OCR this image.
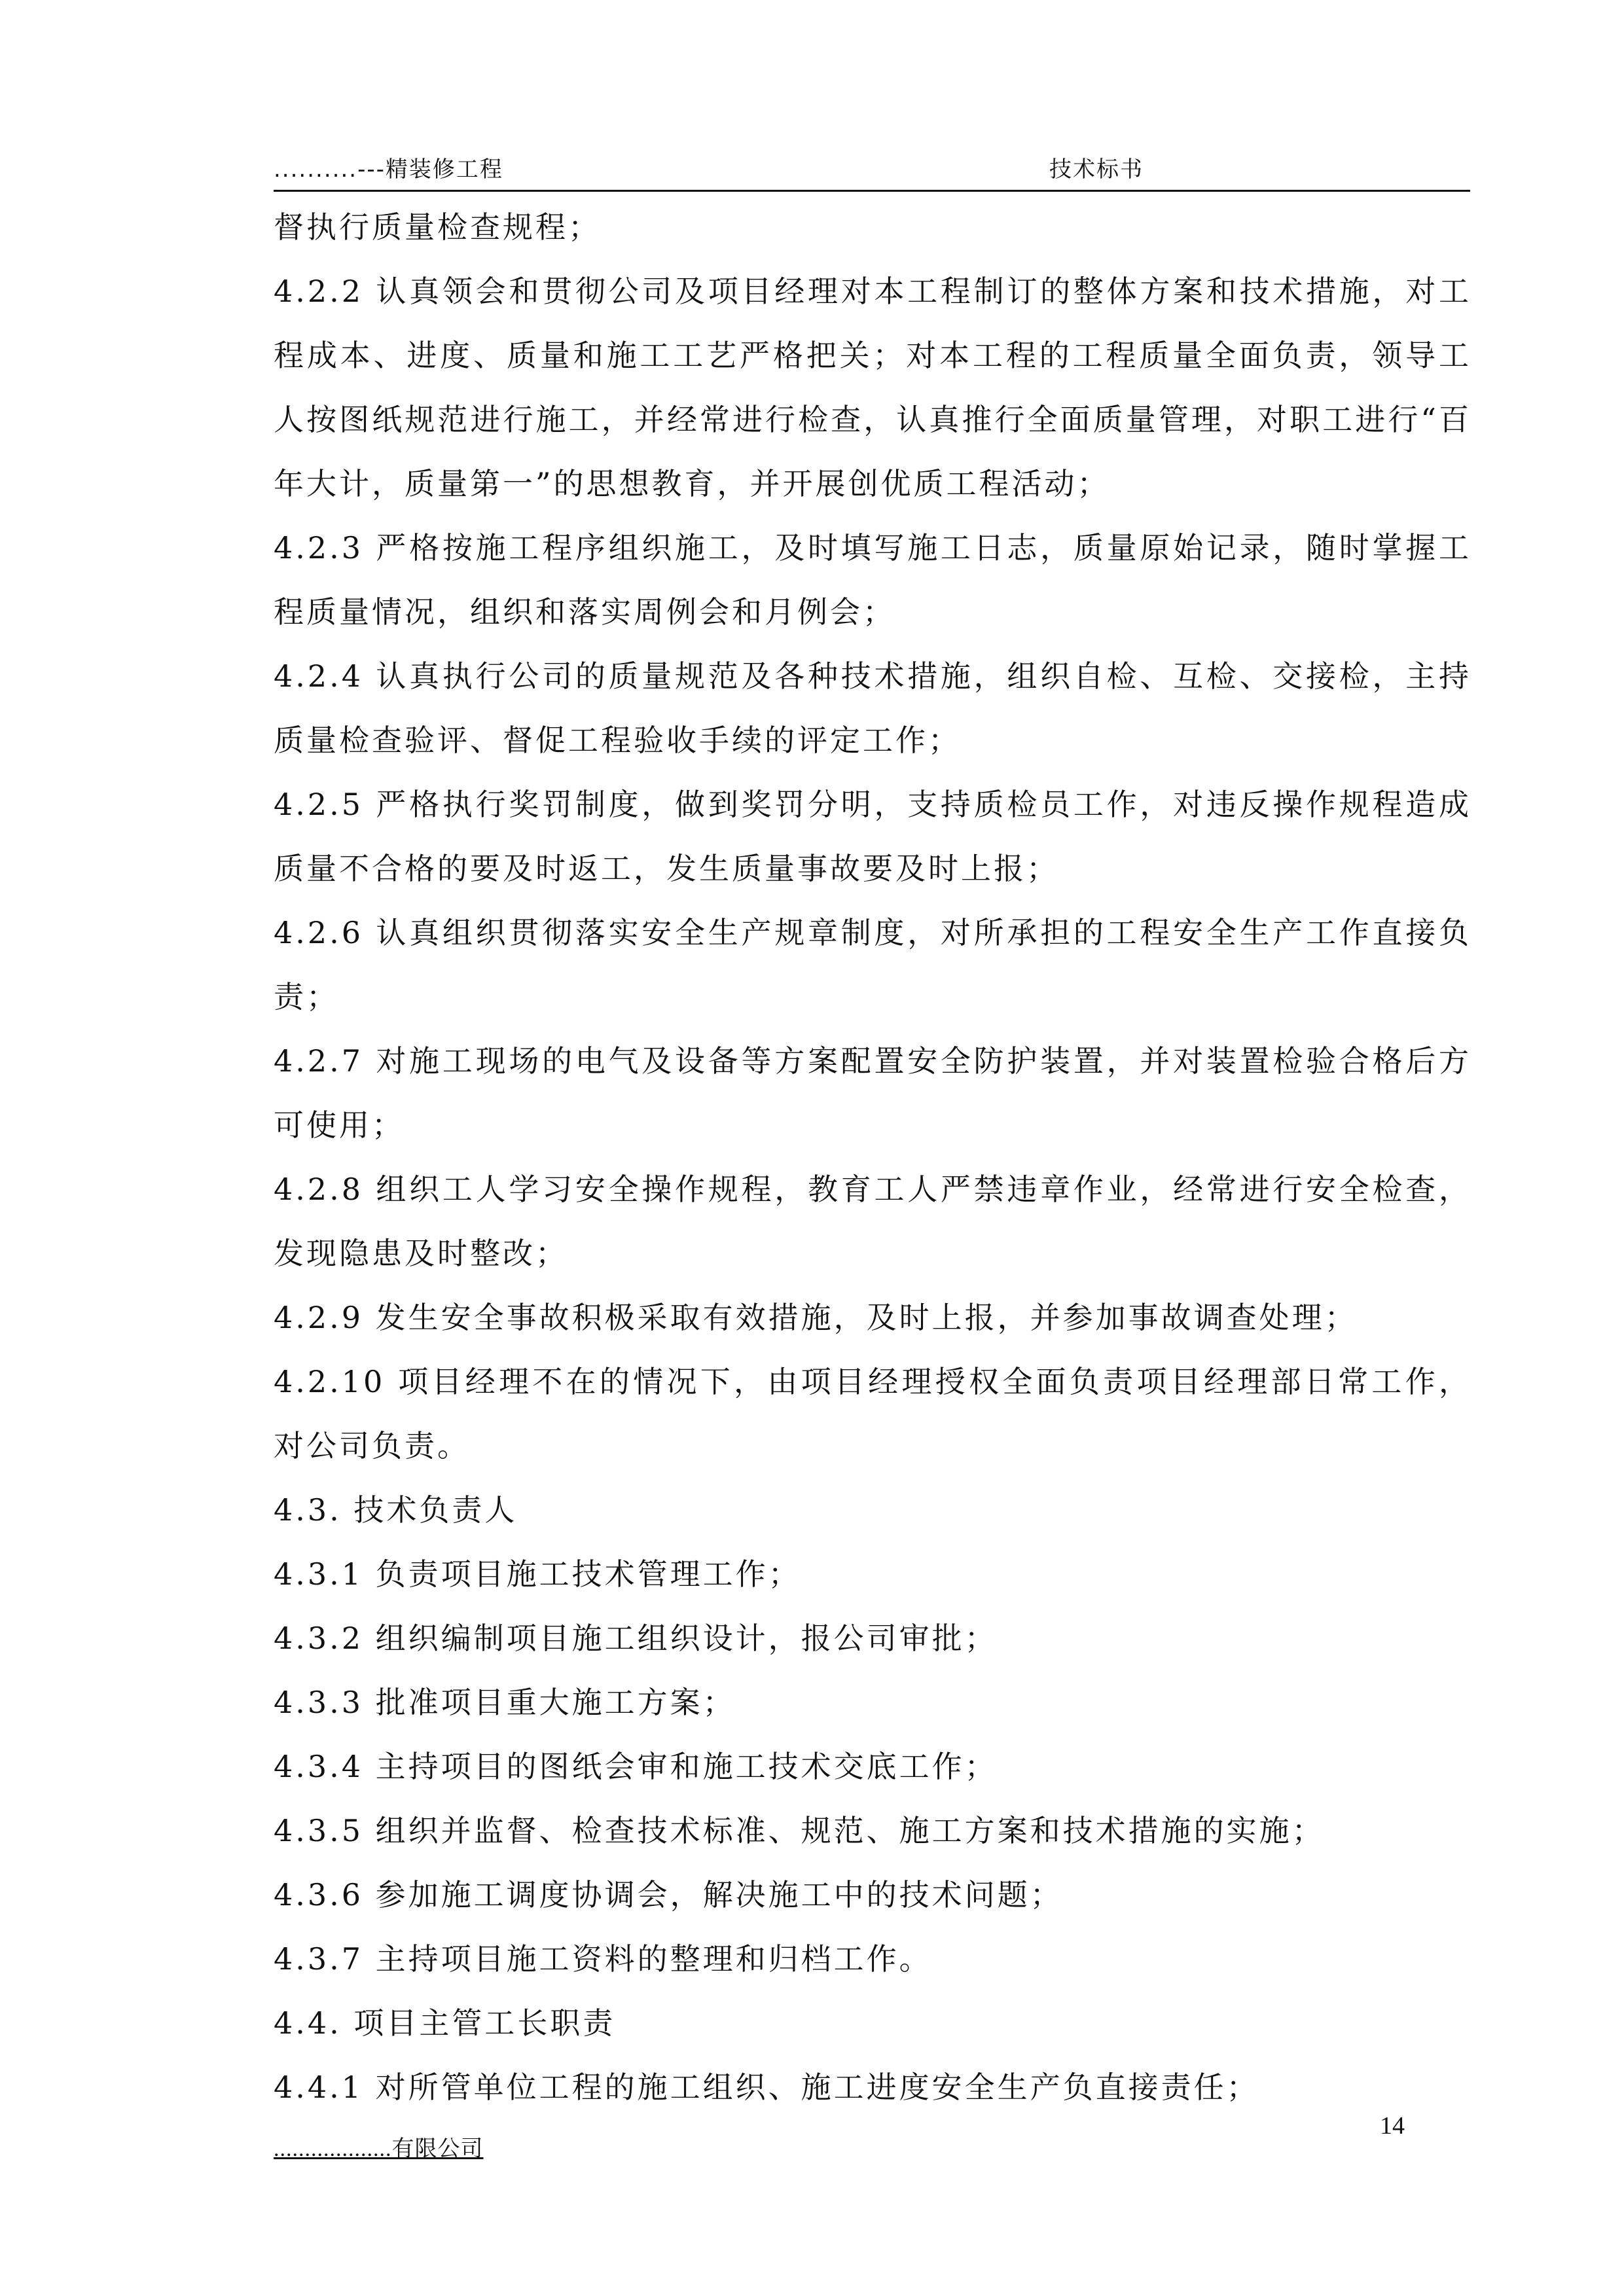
..........---精装修工程	技术标书

督执行质量检查规程；

4.2.2 认真领会和贯彻公司及项目经理对本工程制订的整体方案和技术措施，对工程成本、进度、质量和施工工艺严格把关；对本工程的工程质量全面负责，领导工人按图纸规范进行施工，并经常进行检查，认真推行全面质量管理，对职工进行“百年大计，质量第一”的思想教育，并开展创优质工程活动；

4.2.3 严格按施工程序组织施工，及时填写施工日志，质量原始记录，随时掌握工程质量情况，组织和落实周例会和月例会；

4.2.4 认真执行公司的质量规范及各种技术措施，组织自检、互检、交接检，主持质量检查验评、督促工程验收手续的评定工作；

4.2.5 严格执行奖罚制度，做到奖罚分明，支持质检员工作，对违反操作规程造成质量不合格的要及时返工，发生质量事故要及时上报；

4.2.6 认真组织贯彻落实安全生产规章制度，对所承担的工程安全生产工作直接负责；

4.2.7 对施工现场的电气及设备等方案配置安全防护装置，并对装置检验合格后方可使用；

4.2.8 组织工人学习安全操作规程，教育工人严禁违章作业，经常进行安全检查，发现隐患及时整改；

4.2.9 发生安全事故积极采取有效措施，及时上报，并参加事故调查处理；

4.2.10 项目经理不在的情况下，由项目经理授权全面负责项目经理部日常工作，对公司负责。

4.3. 技术负责人

4.3.1 负责项目施工技术管理工作；

4.3.2 组织编制项目施工组织设计，报公司审批；

4.3.3 批准项目重大施工方案；

4.3.4 主持项目的图纸会审和施工技术交底工作；

4.3.5 组织并监督、检查技术标准、规范、施工方案和技术措施的实施；

4.3.6 参加施工调度协调会，解决施工中的技术问题；

4.3.7 主持项目施工资料的整理和归档工作。

4.4. 项目主管工长职责

4.4.1 对所管单位工程的施工组织、施工进度安全生产负直接责任；

...................有限公司
14
